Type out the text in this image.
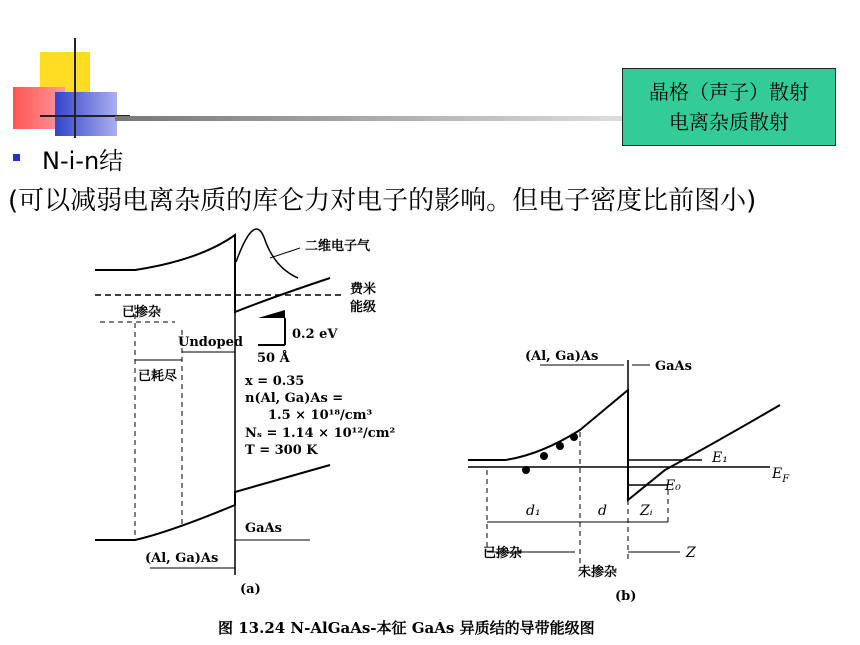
晶格（声子）散射
电离杂质散射
N-i-n结
(可以减弱电离杂质的库仑力对电子的影响。但电子密度比前图小)
二维电子气
费米
能级
已掺杂
Undoped
已耗尽
0.2 eV
50 Å
x = 0.35
n(Al, Ga)As =
1.5 × 10¹⁸/cm³
Nₛ = 1.14 × 10¹²/cm²
T = 300 K
GaAs
(Al, Ga)As
(a)
(Al, Ga)As
GaAs
E₁
$E_F$
E₀
d₁	d Zᵢ
已掺杂
未掺杂
Z
(b)
图 13.24 N-AlGaAs-本征 GaAs 异质结的导带能级图
